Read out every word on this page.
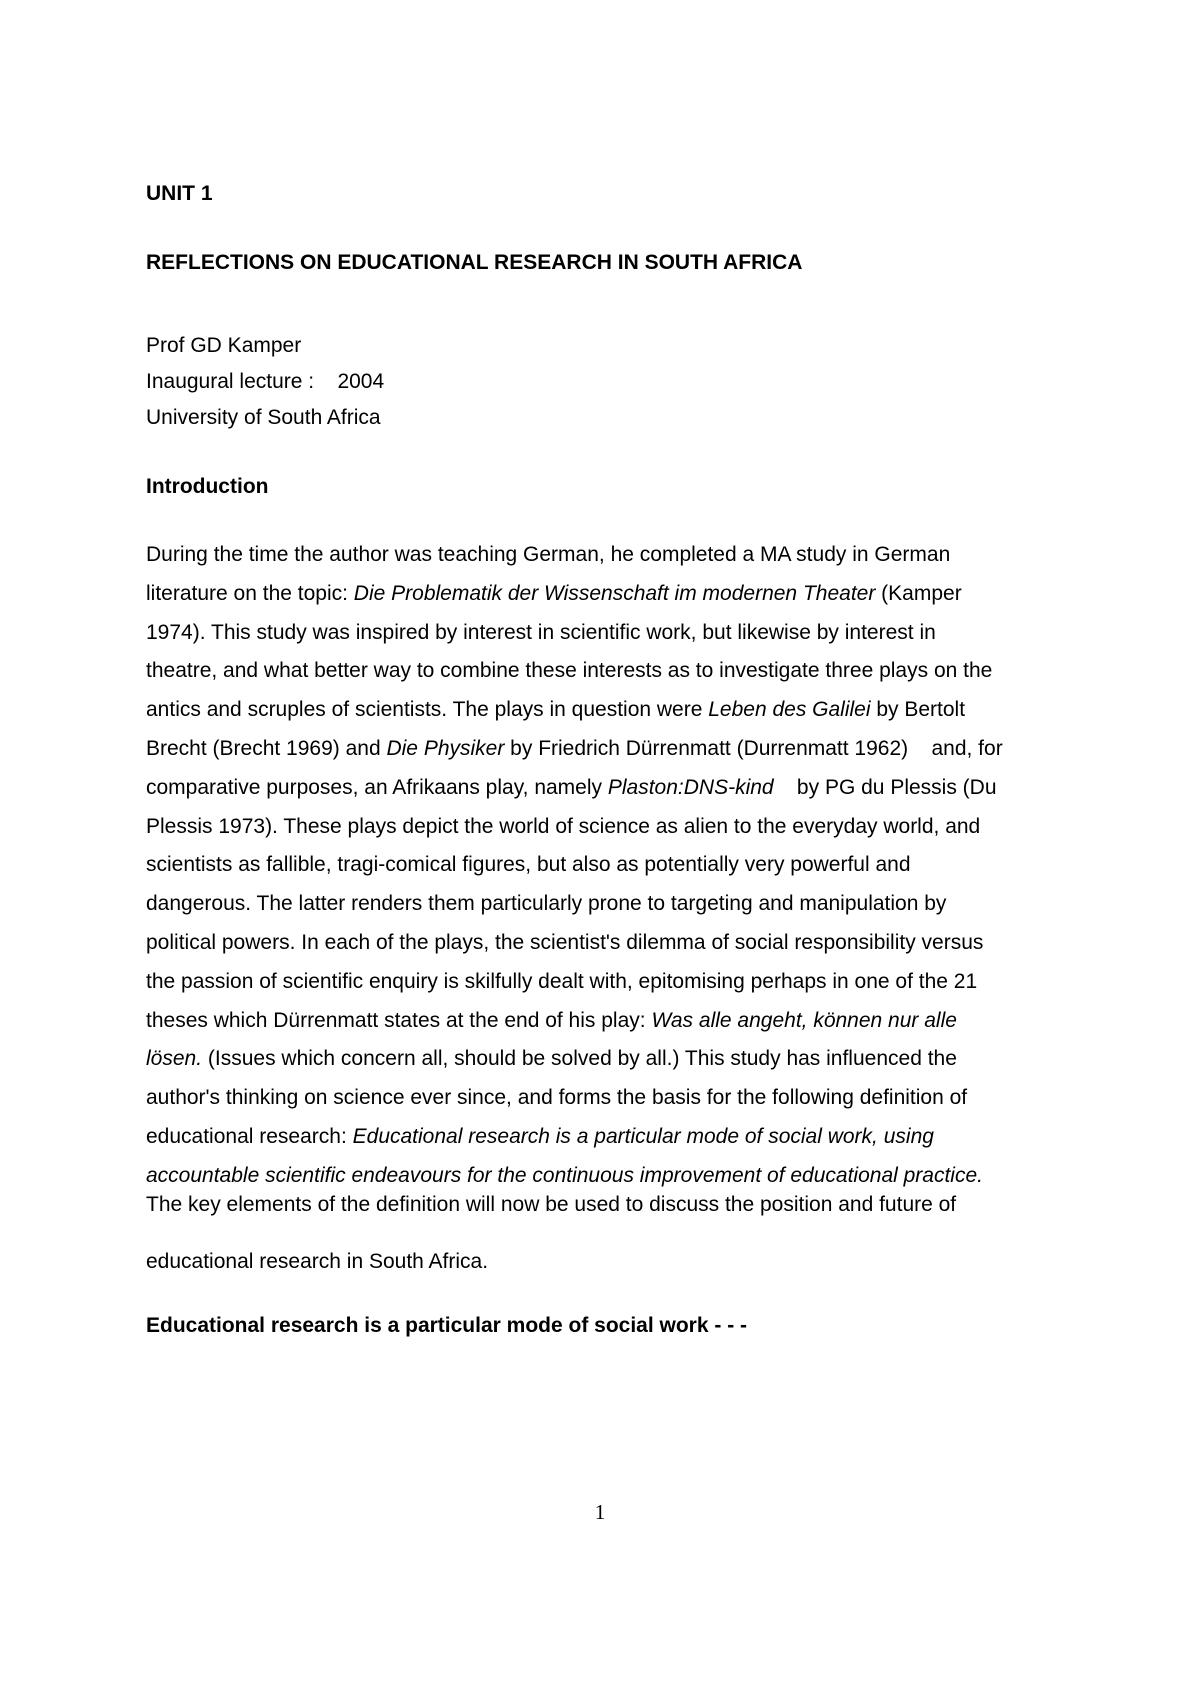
UNIT 1

REFLECTIONS ON EDUCATIONAL RESEARCH IN SOUTH AFRICA

Prof GD Kamper

Inaugural lecture :    2004

University of South Africa

Introduction

During the time the author was teaching German, he completed a MA study in German
literature on the topic: Die Problematik der Wissenschaft im modernen Theater (Kamper
1974). This study was inspired by interest in scientific work, but likewise by interest in
theatre, and what better way to combine these interests as to investigate three plays on the
antics and scruples of scientists. The plays in question were Leben des Galilei by Bertolt
Brecht (Brecht 1969) and Die Physiker by Friedrich Dürrenmatt (Durrenmatt 1962)    and, for
comparative purposes, an Afrikaans play, namely Plaston:DNS-kind    by PG du Plessis (Du
Plessis 1973). These plays depict the world of science as alien to the everyday world, and
scientists as fallible, tragi-comical figures, but also as potentially very powerful and
dangerous. The latter renders them particularly prone to targeting and manipulation by
political powers. In each of the plays, the scientist's dilemma of social responsibility versus
the passion of scientific enquiry is skilfully dealt with, epitomising perhaps in one of the 21
theses which Dürrenmatt states at the end of his play: Was alle angeht, können nur alle
lösen. (Issues which concern all, should be solved by all.) This study has influenced the
author's thinking on science ever since, and forms the basis for the following definition of
educational research: Educational research is a particular mode of social work, using
accountable scientific endeavours for the continuous improvement of educational practice.
The key elements of the definition will now be used to discuss the position and future of
educational research in South Africa.

Educational research is a particular mode of social work - - -

1
